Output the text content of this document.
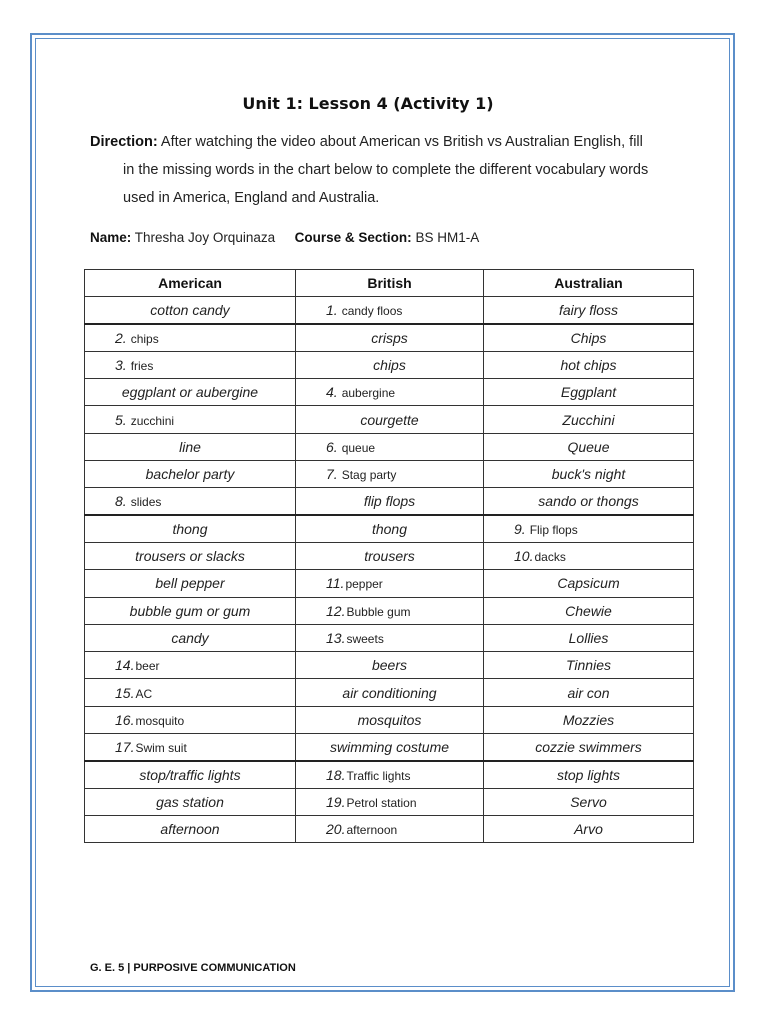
Unit 1: Lesson 4 (Activity 1)
Direction: After watching the video about American vs British vs Australian English, fill
in the missing words in the chart below to complete the different vocabulary words
used in America, England and Australia.
Name: Thresha Joy Orquinaza Course & Section: BS HM1-A
American	British	Australian
cotton candy	1. candy floos	fairy floss
2. chips	crisps	Chips
3. fries	chips	hot chips
eggplant or aubergine	4. aubergine	Eggplant
5. zucchini	courgette	Zucchini
line	6. queue	Queue
bachelor party	7. Stag party	buck's night
8. slides	flip flops	sando or thongs
thong	thong	9. Flip flops
trousers or slacks	trousers	10.dacks
bell pepper	11.pepper	Capsicum
bubble gum or gum	12.Bubble gum	Chewie
candy	13.sweets	Lollies
14.beer	beers	Tinnies
15.AC	air conditioning	air con
16.mosquito	mosquitos	Mozzies
17.Swim suit	swimming costume	cozzie swimmers
stop/traffic lights	18.Traffic lights	stop lights
gas station	19.Petrol station	Servo
afternoon	20.afternoon	Arvo
G. E. 5 | PURPOSIVE COMMUNICATION
